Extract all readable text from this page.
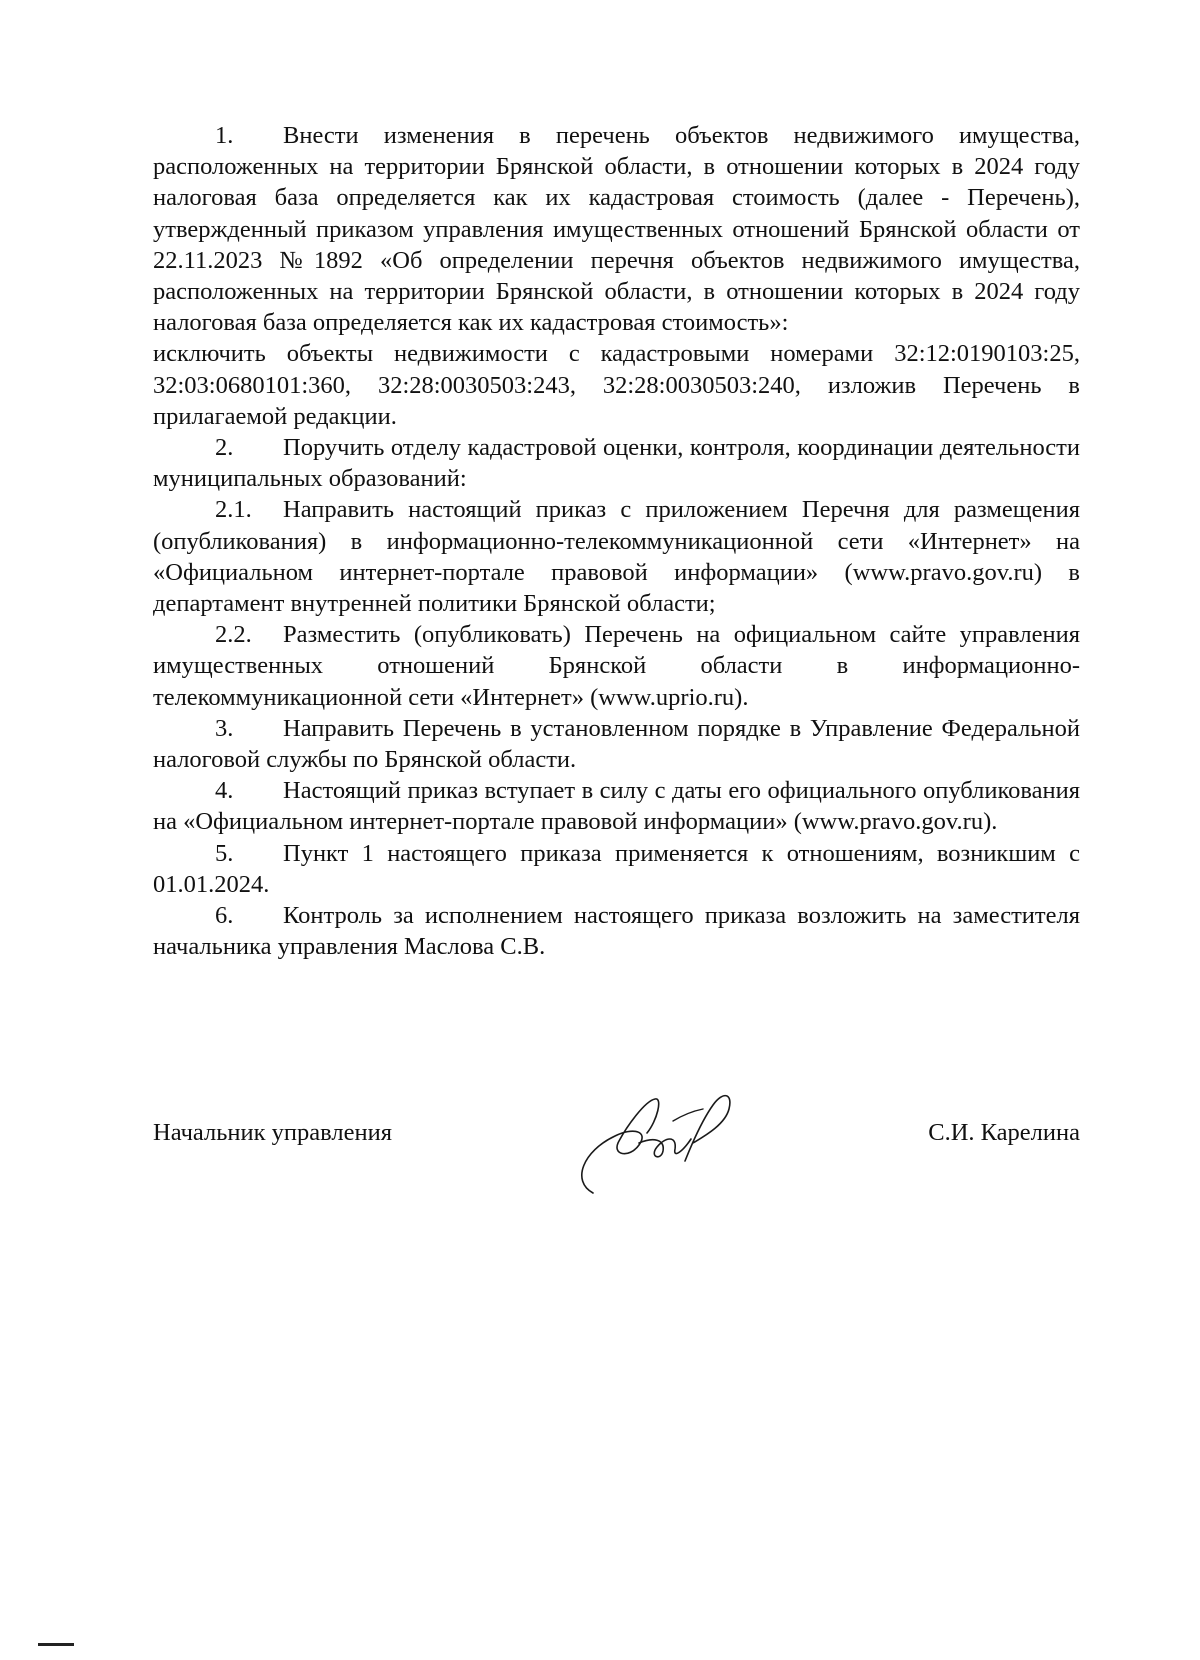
1. Внести изменения в перечень объектов недвижимого имущества, расположенных на территории Брянской области, в отношении которых в 2024 году налоговая база определяется как их кадастровая стоимость (далее - Перечень), утвержденный приказом управления имущественных отношений Брянской области от 22.11.2023 №1892 «Об определении перечня объектов недвижимого имущества, расположенных на территории Брянской области, в отношении которых в 2024 году налоговая база определяется как их кадастровая стоимость»:

исключить объекты недвижимости с кадастровыми номерами 32:12:0190103:25, 32:03:0680101:360, 32:28:0030503:243, 32:28:0030503:240, изложив Перечень в прилагаемой редакции.

2. Поручить отделу кадастровой оценки, контроля, координации деятельности муниципальных образований:

2.1. Направить настоящий приказ с приложением Перечня для размещения (опубликования) в информационно-телекоммуникационной сети «Интернет» на «Официальном интернет-портале правовой информации» (www.pravo.gov.ru) в департамент внутренней политики Брянской области;

2.2. Разместить (опубликовать) Перечень на официальном сайте управления имущественных отношений Брянской области в информационно-телекоммуникационной сети «Интернет» (www.uprio.ru).

3. Направить Перечень в установленном порядке в Управление Федеральной налоговой службы по Брянской области.

4. Настоящий приказ вступает в силу с даты его официального опубликования на «Официальном интернет-портале правовой информации» (www.pravo.gov.ru).

5. Пункт 1 настоящего приказа применяется к отношениям, возникшим с 01.01.2024.

6. Контроль за исполнением настоящего приказа возложить на заместителя начальника управления Маслова С.В.

Начальник управления	С.И. Карелина
